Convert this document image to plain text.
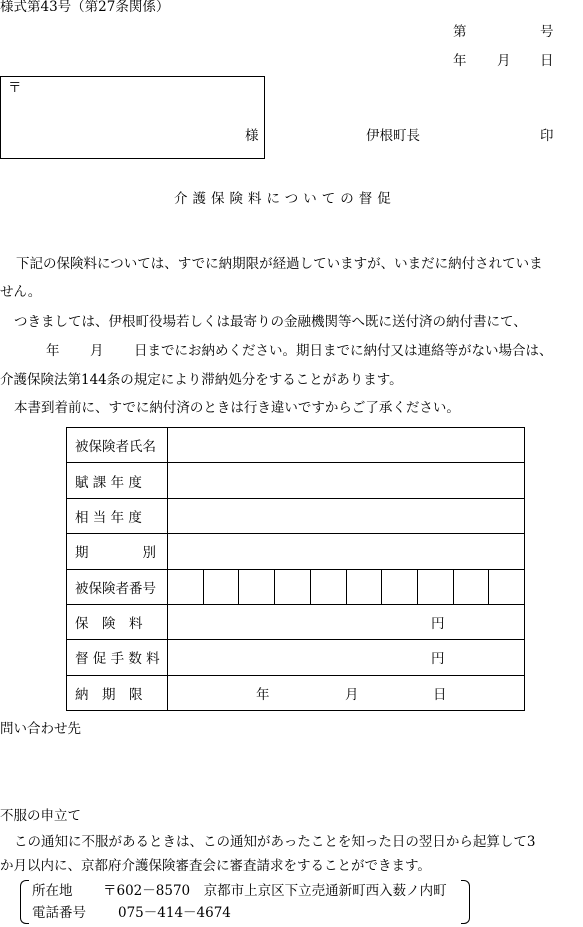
様式第43号（第27条関係）
第	号
年 月 日
〒
様	伊根町長	印
介護保険料についての督促
下記の保険料については、すでに納期限が経過していますが、いまだに納付されていま
せん。
つきましては、伊根町役場若しくは最寄りの金融機関等へ既に送付済の納付書にて、
年 月 日までにお納めください。期日までに納付又は連絡等がない場合は、
介護保険法第144条の規定により滞納処分をすることがあります。
本書到着前に、すでに納付済のときは行き違いですからご了承ください。
被保険者氏名	
賦 課 年 度	
相 当 年 度	
期　　　　別	
被保険者番号	

保　険　料	円

督 促 手 数 料	円

納　期　限	年 月 日
問い合わせ先
不服の申立て
この通知に不服があるときは、この通知があったことを知った日の翌日から起算して3
か月以内に、京都府介護保険審査会に審査請求をすることができます。
所在地 〒602－8570　京都市上京区下立売通新町西入薮ノ内町
電話番号 075－414－4674
